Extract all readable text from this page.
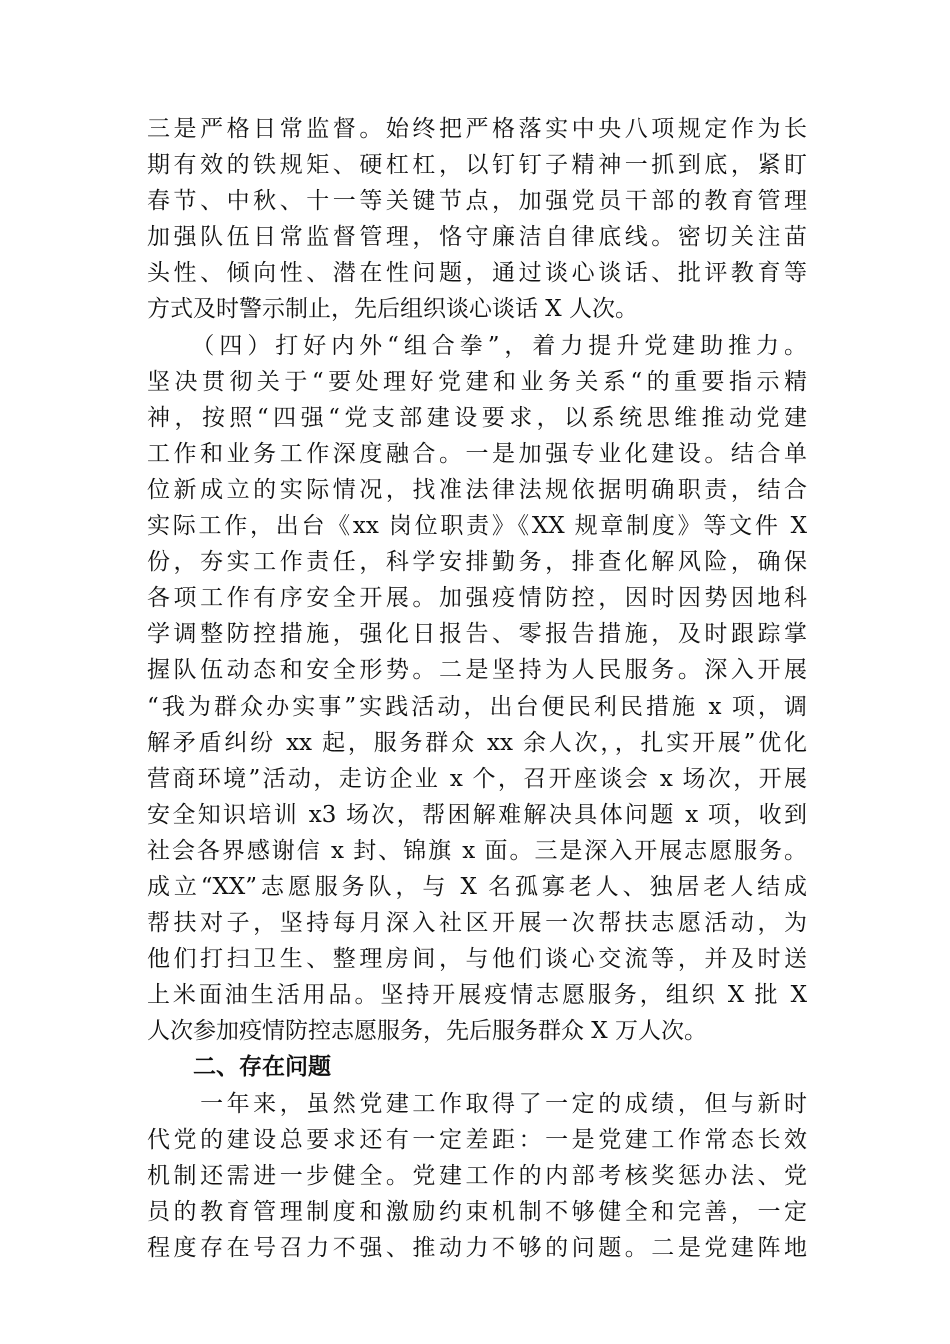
三是严格日常监督。始终把严格落实中央八项规定作为长
期有效的铁规矩、硬杠杠，以钉钉子精神一抓到底，紧盯
春节、中秋、十一等关键节点，加强党员干部的教育管理
加强队伍日常监督管理，恪守廉洁自律底线。密切关注苗
头性、倾向性、潜在性问题，通过谈心谈话、批评教育等
方式及时警示制止，先后组织谈心谈话 X 人次。
　　（四）打好内外“组合拳”，着力提升党建助推力。
坚决贯彻关于“要处理好党建和业务关系“的重要指示精
神，按照“四强“党支部建设要求，以系统思维推动党建
工作和业务工作深度融合。一是加强专业化建设。结合单
位新成立的实际情况，找准法律法规依据明确职责，结合
实际工作，出台《xx 岗位职责》《XX 规章制度》等文件 X
份，夯实工作责任，科学安排勤务，排查化解风险，确保
各项工作有序安全开展。加强疫情防控，因时因势因地科
学调整防控措施，强化日报告、零报告措施，及时跟踪掌
握队伍动态和安全形势。二是坚持为人民服务。深入开展
“我为群众办实事”实践活动，出台便民利民措施 x 项，调
解矛盾纠纷 xx 起，服务群众 xx 余人次，，扎实开展”优化
营商环境”活动，走访企业 x 个，召开座谈会 x 场次，开展
安全知识培训 x3 场次，帮困解难解决具体问题 x 项，收到
社会各界感谢信 x 封、锦旗 x 面。三是深入开展志愿服务。
成立“XX”志愿服务队，与 X 名孤寡老人、独居老人结成
帮扶对子，坚持每月深入社区开展一次帮扶志愿活动，为
他们打扫卫生、整理房间，与他们谈心交流等，并及时送
上米面油生活用品。坚持开展疫情志愿服务，组织 X 批 X
人次参加疫情防控志愿服务，先后服务群众 X 万人次。
二、存在问题
　　一年来，虽然党建工作取得了一定的成绩，但与新时
代党的建设总要求还有一定差距：一是党建工作常态长效
机制还需进一步健全。党建工作的内部考核奖惩办法、党
员的教育管理制度和激励约束机制不够健全和完善，一定
程度存在号召力不强、推动力不够的问题。二是党建阵地
